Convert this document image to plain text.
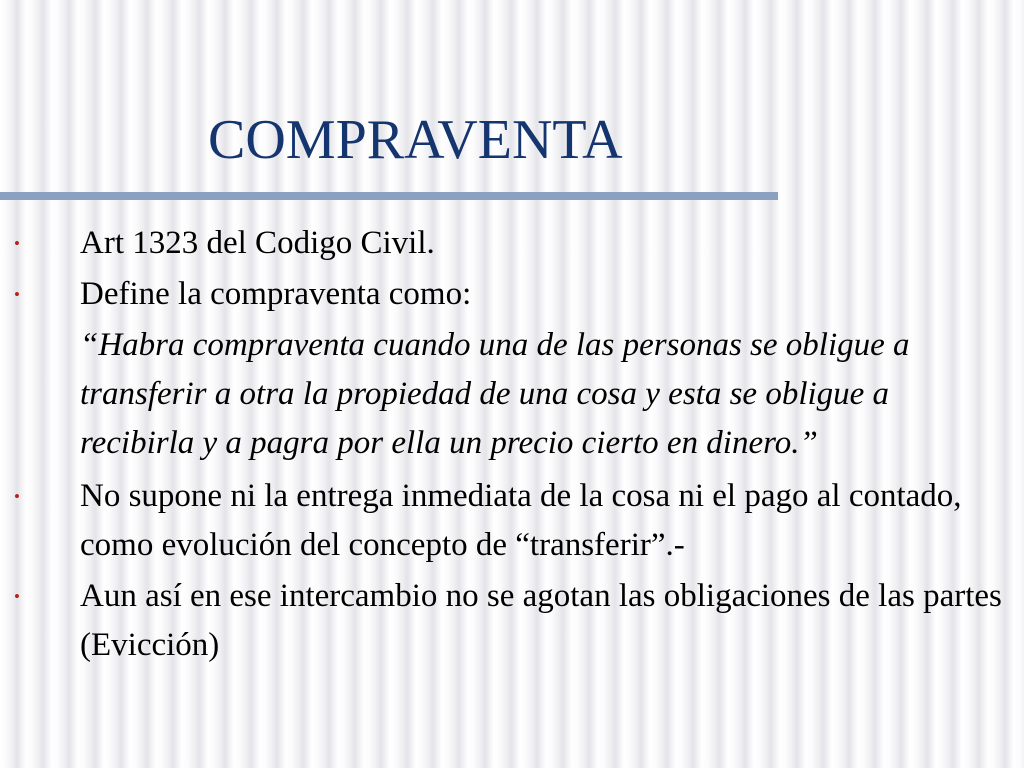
COMPRAVENTA
• Art 1323 del Codigo Civil.
• Define la compraventa como:
“Habra compraventa cuando una de las personas se obligue a transferir a otra la propiedad de una cosa y esta se obligue a recibirla y a pagra por ella un precio cierto en dinero.”
• No supone ni la entrega inmediata de la cosa ni el pago al contado, como evolución del concepto de “transferir”.-
• Aun así en ese intercambio no se agotan las obligaciones de las partes (Evicción)
